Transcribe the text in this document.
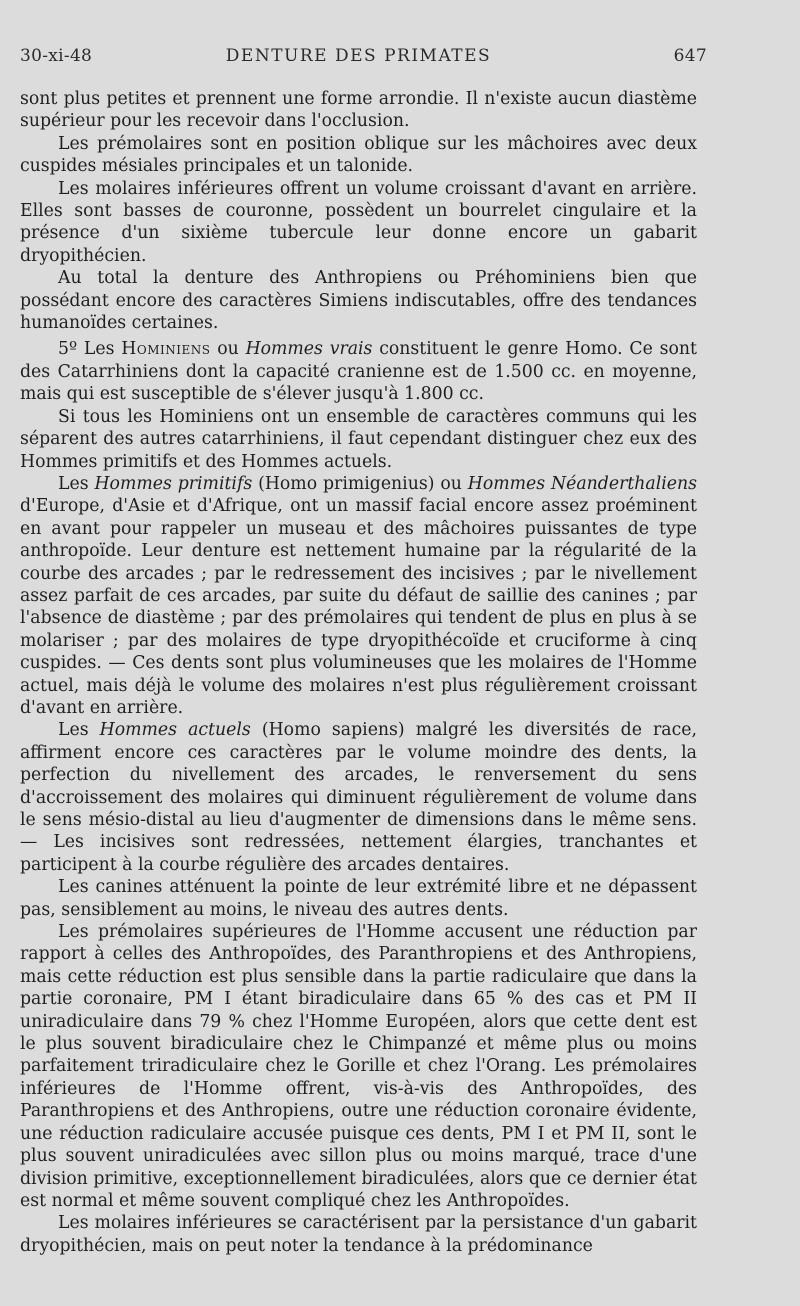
30-xi-48	DENTURE DES PRIMATES	647

sont plus petites et prennent une forme arrondie. Il n'existe aucun diastème supérieur pour les recevoir dans l'occlusion.

Les prémolaires sont en position oblique sur les mâchoires avec deux cuspides mésiales principales et un talonide.

Les molaires inférieures offrent un volume croissant d'avant en arrière. Elles sont basses de couronne, possèdent un bourrelet cingulaire et la présence d'un sixième tubercule leur donne encore un gabarit dryopithécien.

Au total la denture des Anthropiens ou Préhominiens bien que possédant encore des caractères Simiens indiscutables, offre des tendances humanoïdes certaines.

5º Les Hominiens ou Hommes vrais constituent le genre Homo. Ce sont des Catarrhiniens dont la capacité cranienne est de 1.500 cc. en moyenne, mais qui est susceptible de s'élever jusqu'à 1.800 cc.

Si tous les Hominiens ont un ensemble de caractères communs qui les séparent des autres catarrhiniens, il faut cependant distinguer chez eux des Hommes primitifs et des Hommes actuels.

Les Hommes primitifs (Homo primigenius) ou Hommes Néanderthaliens d'Europe, d'Asie et d'Afrique, ont un massif facial encore assez proéminent en avant pour rappeler un museau et des mâchoires puissantes de type anthropoïde. Leur denture est nettement humaine par la régularité de la courbe des arcades ; par le redressement des incisives ; par le nivellement assez parfait de ces arcades, par suite du défaut de saillie des canines ; par l'absence de diastème ; par des prémolaires qui tendent de plus en plus à se molariser ; par des molaires de type dryopithécoïde et cruciforme à cinq cuspides. — Ces dents sont plus volumineuses que les molaires de l'Homme actuel, mais déjà le volume des molaires n'est plus régulièrement croissant d'avant en arrière.

Les Hommes actuels (Homo sapiens) malgré les diversités de race, affirment encore ces caractères par le volume moindre des dents, la perfection du nivellement des arcades, le renversement du sens d'accroissement des molaires qui diminuent régulièrement de volume dans le sens mésio-distal au lieu d'augmenter de dimensions dans le même sens. — Les incisives sont redressées, nettement élargies, tranchantes et participent à la courbe régulière des arcades dentaires.

Les canines atténuent la pointe de leur extrémité libre et ne dépassent pas, sensiblement au moins, le niveau des autres dents.

Les prémolaires supérieures de l'Homme accusent une réduction par rapport à celles des Anthropoïdes, des Paranthropiens et des Anthropiens, mais cette réduction est plus sensible dans la partie radiculaire que dans la partie coronaire, PM I étant biradiculaire dans 65 % des cas et PM II uniradiculaire dans 79 % chez l'Homme Européen, alors que cette dent est le plus souvent biradiculaire chez le Chimpanzé et même plus ou moins parfaitement triradiculaire chez le Gorille et chez l'Orang. Les prémolaires inférieures de l'Homme offrent, vis-à-vis des Anthropoïdes, des Paranthropiens et des Anthropiens, outre une réduction coronaire évidente, une réduction radiculaire accusée puisque ces dents, PM I et PM II, sont le plus souvent uniradiculées avec sillon plus ou moins marqué, trace d'une division primitive, exceptionnellement biradiculées, alors que ce dernier état est normal et même souvent compliqué chez les Anthropoïdes.

Les molaires inférieures se caractérisent par la persistance d'un gabarit dryopithécien, mais on peut noter la tendance à la prédominance
